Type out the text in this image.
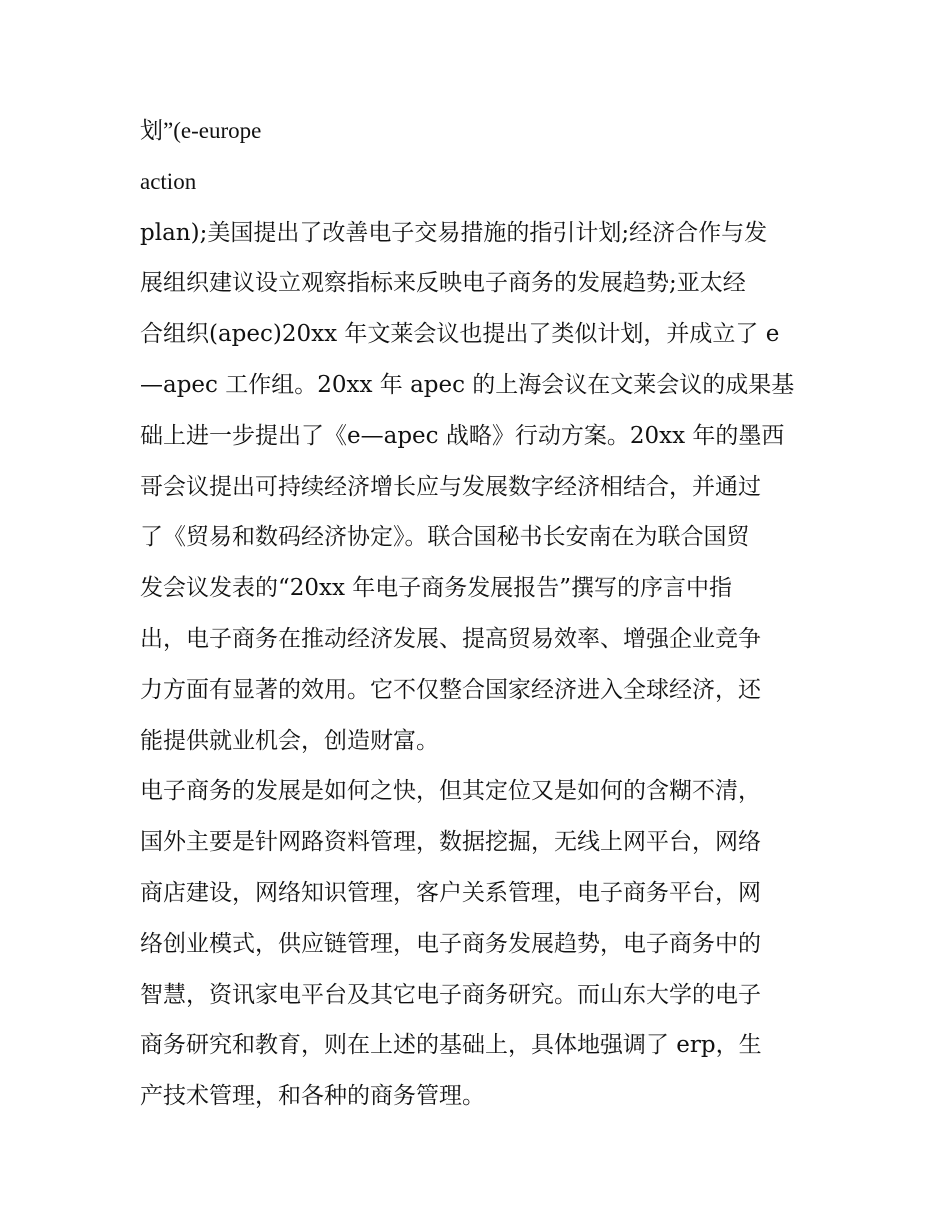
划”(e-europe
action
plan);美国提出了改善电子交易措施的指引计划;经济合作与发
展组织建议设立观察指标来反映电子商务的发展趋势;亚太经
合组织(apec)20xx 年文莱会议也提出了类似计划，并成立了 e
—apec 工作组。20xx 年 apec 的上海会议在文莱会议的成果基
础上进一步提出了《e—apec 战略》行动方案。20xx 年的墨西
哥会议提出可持续经济增长应与发展数字经济相结合，并通过
了《贸易和数码经济协定》。联合国秘书长安南在为联合国贸
发会议发表的“20xx 年电子商务发展报告”撰写的序言中指
出，电子商务在推动经济发展、提高贸易效率、增强企业竞争
力方面有显著的效用。它不仅整合国家经济进入全球经济，还
能提供就业机会，创造财富。
电子商务的发展是如何之快，但其定位又是如何的含糊不清，
国外主要是针网路资料管理，数据挖掘，无线上网平台，网络
商店建设，网络知识管理，客户关系管理，电子商务平台，网
络创业模式，供应链管理，电子商务发展趋势，电子商务中的
智慧，资讯家电平台及其它电子商务研究。而山东大学的电子
商务研究和教育，则在上述的基础上，具体地强调了 erp，生
产技术管理，和各种的商务管理。
